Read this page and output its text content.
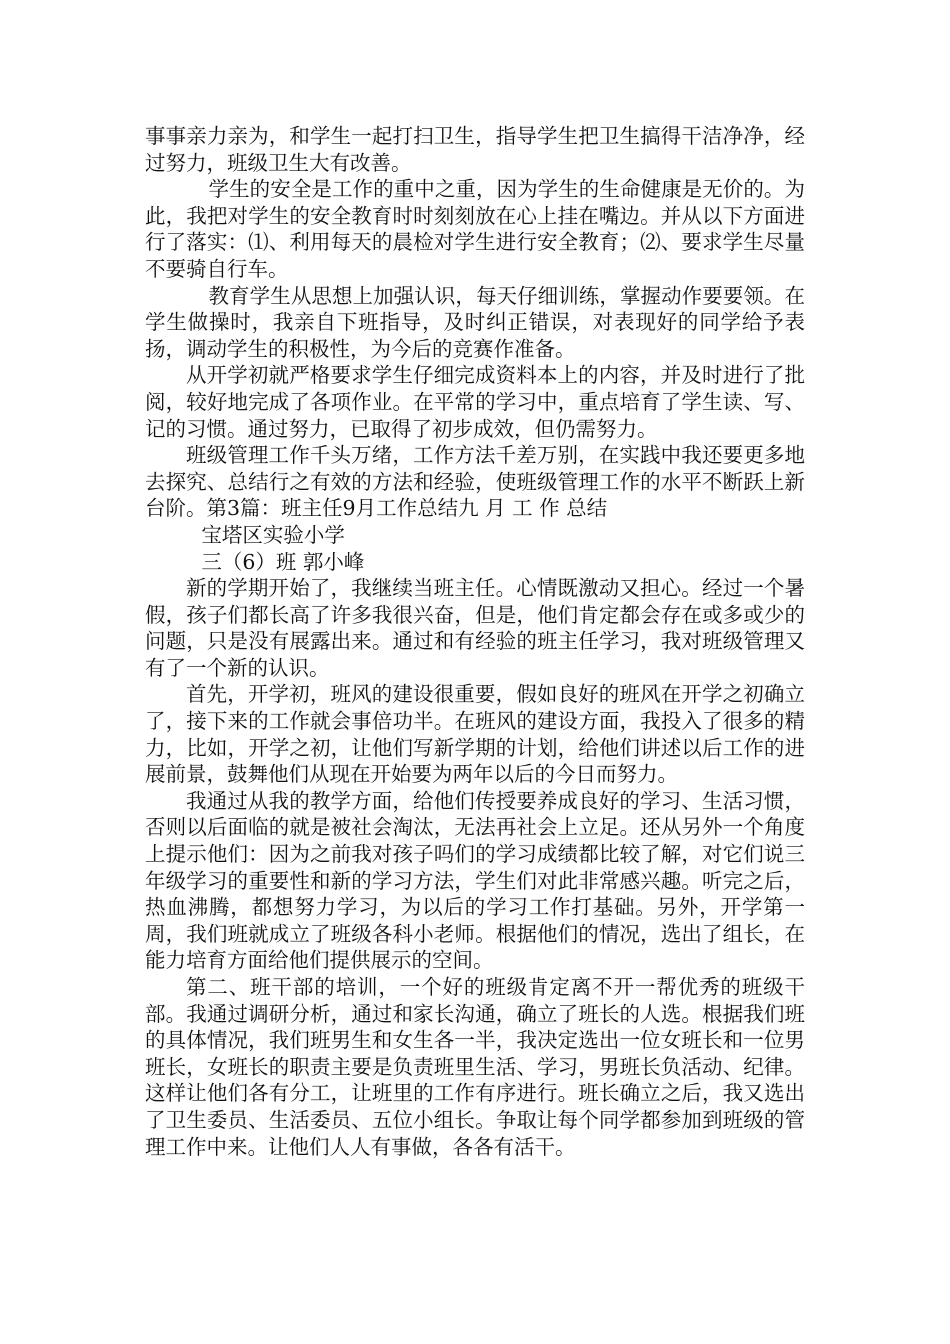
事事亲力亲为，和学生一起打扫卫生，指导学生把卫生搞得干洁净净，经过努力，班级卫生大有改善。

学生的安全是工作的重中之重，因为学生的生命健康是无价的。为此，我把对学生的安全教育时时刻刻放在心上挂在嘴边。并从以下方面进行了落实：⑴、利用每天的晨检对学生进行安全教育；⑵、要求学生尽量不要骑自行车。

教育学生从思想上加强认识，每天仔细训练，掌握动作要要领。在学生做操时，我亲自下班指导，及时纠正错误，对表现好的同学给予表扬，调动学生的积极性，为今后的竞赛作准备。

从开学初就严格要求学生仔细完成资料本上的内容，并及时进行了批阅，较好地完成了各项作业。在平常的学习中，重点培育了学生读、写、记的习惯。通过努力，已取得了初步成效，但仍需努力。

班级管理工作千头万绪，工作方法千差万别，在实践中我还要更多地去探究、总结行之有效的方法和经验，使班级管理工作的水平不断跃上新台阶。第3篇：班主任9月工作总结九 月 工 作 总结

宝塔区实验小学

三（6）班 郭小峰

新的学期开始了，我继续当班主任。心情既激动又担心。经过一个暑假，孩子们都长高了许多我很兴奋，但是，他们肯定都会存在或多或少的问题，只是没有展露出来。通过和有经验的班主任学习，我对班级管理又有了一个新的认识。

首先，开学初，班风的建设很重要，假如良好的班风在开学之初确立了，接下来的工作就会事倍功半。在班风的建设方面，我投入了很多的精力，比如，开学之初，让他们写新学期的计划，给他们讲述以后工作的进展前景，鼓舞他们从现在开始要为两年以后的今日而努力。

我通过从我的教学方面，给他们传授要养成良好的学习、生活习惯，否则以后面临的就是被社会淘汰，无法再社会上立足。还从另外一个角度上提示他们：因为之前我对孩子吗们的学习成绩都比较了解，对它们说三年级学习的重要性和新的学习方法，学生们对此非常感兴趣。听完之后，热血沸腾，都想努力学习，为以后的学习工作打基础。另外，开学第一周，我们班就成立了班级各科小老师。根据他们的情况，选出了组长，在能力培育方面给他们提供展示的空间。

第二、班干部的培训，一个好的班级肯定离不开一帮优秀的班级干部。我通过调研分析，通过和家长沟通，确立了班长的人选。根据我们班的具体情况，我们班男生和女生各一半，我决定选出一位女班长和一位男班长，女班长的职责主要是负责班里生活、学习，男班长负活动、纪律。这样让他们各有分工，让班里的工作有序进行。班长确立之后，我又选出了卫生委员、生活委员、五位小组长。争取让每个同学都参加到班级的管理工作中来。让他们人人有事做，各各有活干。
